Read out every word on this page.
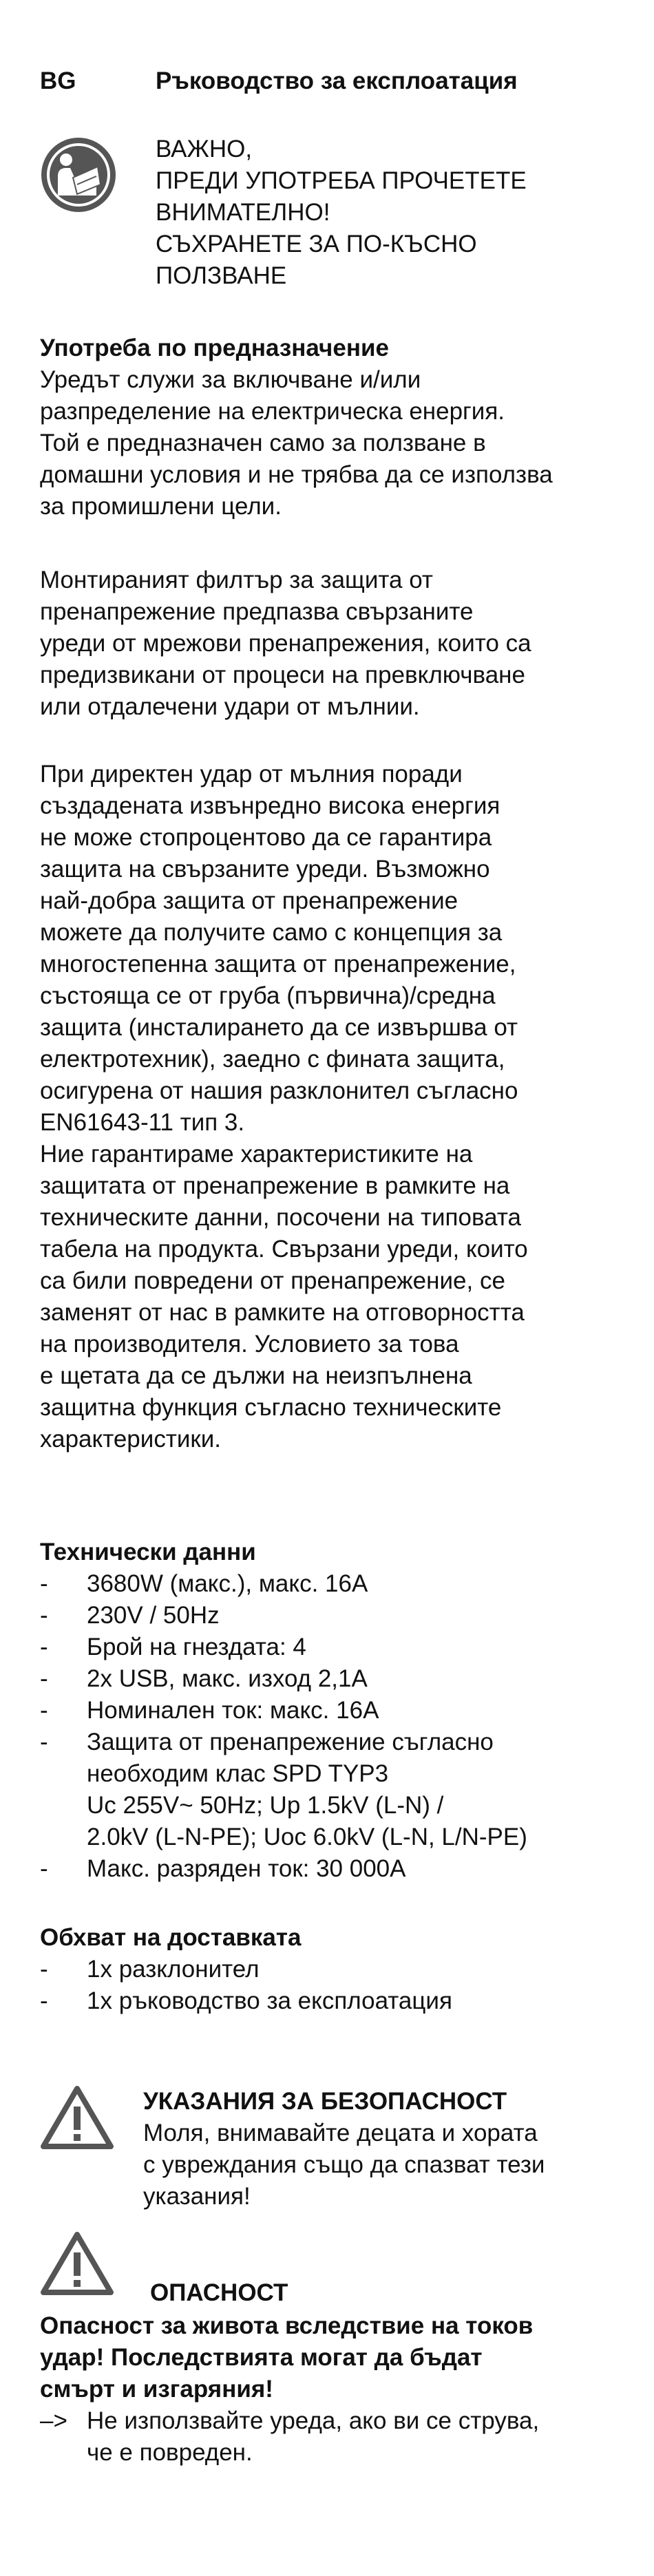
BG	Ръководство за експлоатация
ВАЖНО,
ПРЕДИ УПОТРЕБА ПРОЧЕТЕТЕ
ВНИМАТЕЛНО!
СЪХРАНЕТЕ ЗА ПО-КЪСНО
ПОЛЗВАНЕ
Употреба по предназначение
Уредът служи за включване и/или
разпределение на електрическа енергия.
Той е предназначен само за ползване в
домашни условия и не трябва да се използва
за промишлени цели.
Монтираният филтър за защита от
пренапрежение предпазва свързаните
уреди от мрежови пренапрежения, които са
предизвикани от процеси на превключване
или отдалечени удари от мълнии.
При директен удар от мълния поради
създадената извънредно висока енергия
не може стопроцентово да се гарантира
защита на свързаните уреди. Възможно
най-добра защита от пренапрежение
можете да получите само с концепция за
многостепенна защита от пренапрежение,
състояща се от груба (първична)/средна
защита (инсталирането да се извършва от
електротехник), заедно с фината защита,
осигурена от нашия разклонител съгласно
EN61643-11 тип 3.
Ние гарантираме характеристиките на
защитата от пренапрежение в рамките на
техническите данни, посочени на типовата
табела на продукта. Свързани уреди, които
са били повредени от пренапрежение, се
заменят от нас в рамките на отговорността
на производителя. Условието за това
е щетата да се дължи на неизпълнена
защитна функция съгласно техническите
характеристики.
Технически данни
- 3680W (макс.), макс. 16A
- 230V / 50Hz
- Брой на гнездата: 4
- 2x USB, макс. изход 2,1A
- Номинален ток: макс. 16A
- Защита от пренапрежение съгласно
необходим клас SPD TYP3
Uc 255V~ 50Hz; Up 1.5kV (L-N) /
2.0kV (L-N-PE); Uoc 6.0kV (L-N, L/N-PE)
- Макс. разряден ток: 30 000A
Обхват на доставката
- 1x разклонител
- 1x ръководство за експлоатация
УКАЗАНИЯ ЗА БЕЗОПАСНОСТ
Моля, внимавайте децата и хората
с увреждания също да спазват тези
указания!
ОПАСНОСТ
Опасност за живота вследствие на токов
удар! Последствията могат да бъдат
смърт и изгаряния!
–> Не използвайте уреда, ако ви се струва,
че е повреден.
